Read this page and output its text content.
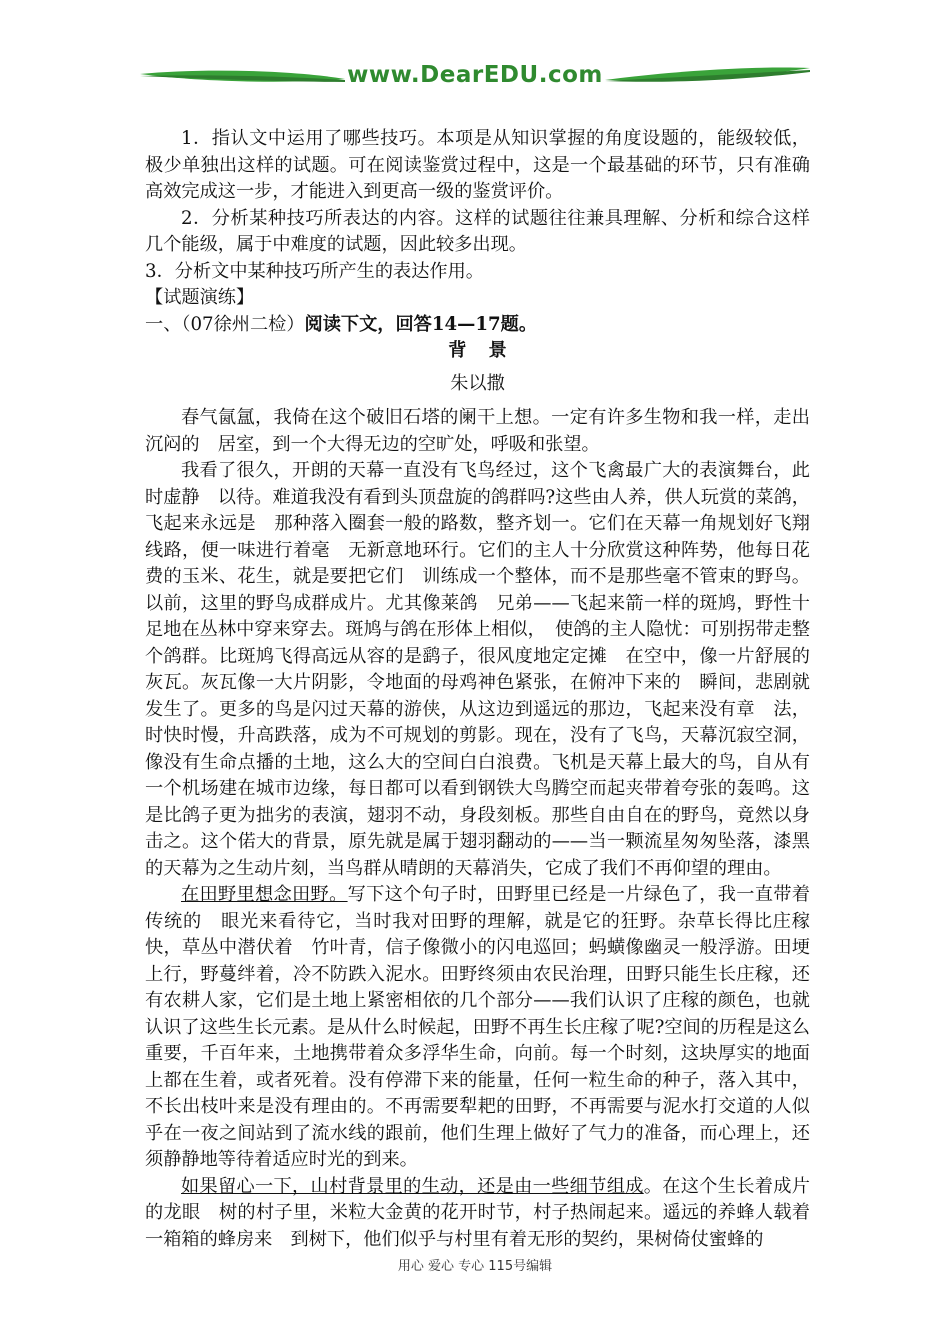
www.DearEDU.com

1．指认文中运用了哪些技巧。本项是从知识掌握的角度设题的，能级较低，极少单独出这样的试题。可在阅读鉴赏过程中，这是一个最基础的环节，只有准确高效完成这一步，才能进入到更高一级的鉴赏评价。

2．分析某种技巧所表达的内容。这样的试题往往兼具理解、分析和综合这样几个能级，属于中难度的试题，因此较多出现。

3．分析文中某种技巧所产生的表达作用。

【试题演练】

一、（07徐州二检）阅读下文，回答14—17题。

背景

朱以撒

春气氤氲，我倚在这个破旧石塔的阑干上想。一定有许多生物和我一样，走出沉闷的　居室，到一个大得无边的空旷处，呼吸和张望。

我看了很久，开朗的天幕一直没有飞鸟经过，这个飞禽最广大的表演舞台，此时虚静　以待。难道我没有看到头顶盘旋的鸽群吗?这些由人养，供人玩赏的菜鸽，飞起来永远是　那种落入圈套一般的路数，整齐划一。它们在天幕一角规划好飞翔线路，便一味进行着毫　无新意地环行。它们的主人十分欣赏这种阵势，他每日花费的玉米、花生，就是要把它们　训练成一个整体，而不是那些毫不管束的野鸟。以前，这里的野鸟成群成片。尤其像莱鸽　兄弟——飞起来箭一样的斑鸠，野性十足地在丛林中穿来穿去。斑鸠与鸽在形体上相似，　使鸽的主人隐忧：可别拐带走整个鸽群。比斑鸠飞得高远从容的是鹞子，很风度地定定摊　在空中，像一片舒展的灰瓦。灰瓦像一大片阴影，令地面的母鸡神色紧张，在俯冲下来的　瞬间，悲剧就发生了。更多的鸟是闪过天幕的游侠，从这边到遥远的那边，飞起来没有章　法，时快时慢，升高跌落，成为不可规划的剪影。现在，没有了飞鸟，天幕沉寂空洞，像没有生命点播的土地，这么大的空间白白浪费。飞机是天幕上最大的鸟，自从有一个机场建在城市边缘，每日都可以看到钢铁大鸟腾空而起夹带着夸张的轰鸣。这是比鸽子更为拙劣的表演，翅羽不动，身段刻板。那些自由自在的野鸟，竟然以身击之。这个偌大的背景，原先就是属于翅羽翻动的——当一颗流星匆匆坠落，漆黑的天幕为之生动片刻，当鸟群从晴朗的天幕消失，它成了我们不再仰望的理由。

在田野里想念田野。写下这个句子时，田野里已经是一片绿色了，我一直带着传统的　眼光来看待它，当时我对田野的理解，就是它的狂野。杂草长得比庄稼快，草丛中潜伏着　竹叶青，信子像微小的闪电巡回；蚂蟥像幽灵一般浮游。田埂上行，野蔓绊着，冷不防跌入泥水。田野终须由农民治理，田野只能生长庄稼，还有农耕人家，它们是土地上紧密相依的几个部分——我们认识了庄稼的颜色，也就认识了这些生长元素。是从什么时候起，田野不再生长庄稼了呢?空间的历程是这么重要，千百年来，土地携带着众多浮华生命，向前。每一个时刻，这块厚实的地面上都在生着，或者死着。没有停滞下来的能量，任何一粒生命的种子，落入其中，不长出枝叶来是没有理由的。不再需要犁耙的田野，不再需要与泥水打交道的人似乎在一夜之间站到了流水线的跟前，他们生理上做好了气力的准备，而心理上，还须静静地等待着适应时光的到来。

如果留心一下，山村背景里的生动，还是由一些细节组成。在这个生长着成片的龙眼　树的村子里，米粒大金黄的花开时节，村子热闹起来。遥远的养蜂人载着一箱箱的蜂房来　到树下，他们似乎与村里有着无形的契约，果树倚仗蜜蜂的

用心 爱心 专心 115号编辑
